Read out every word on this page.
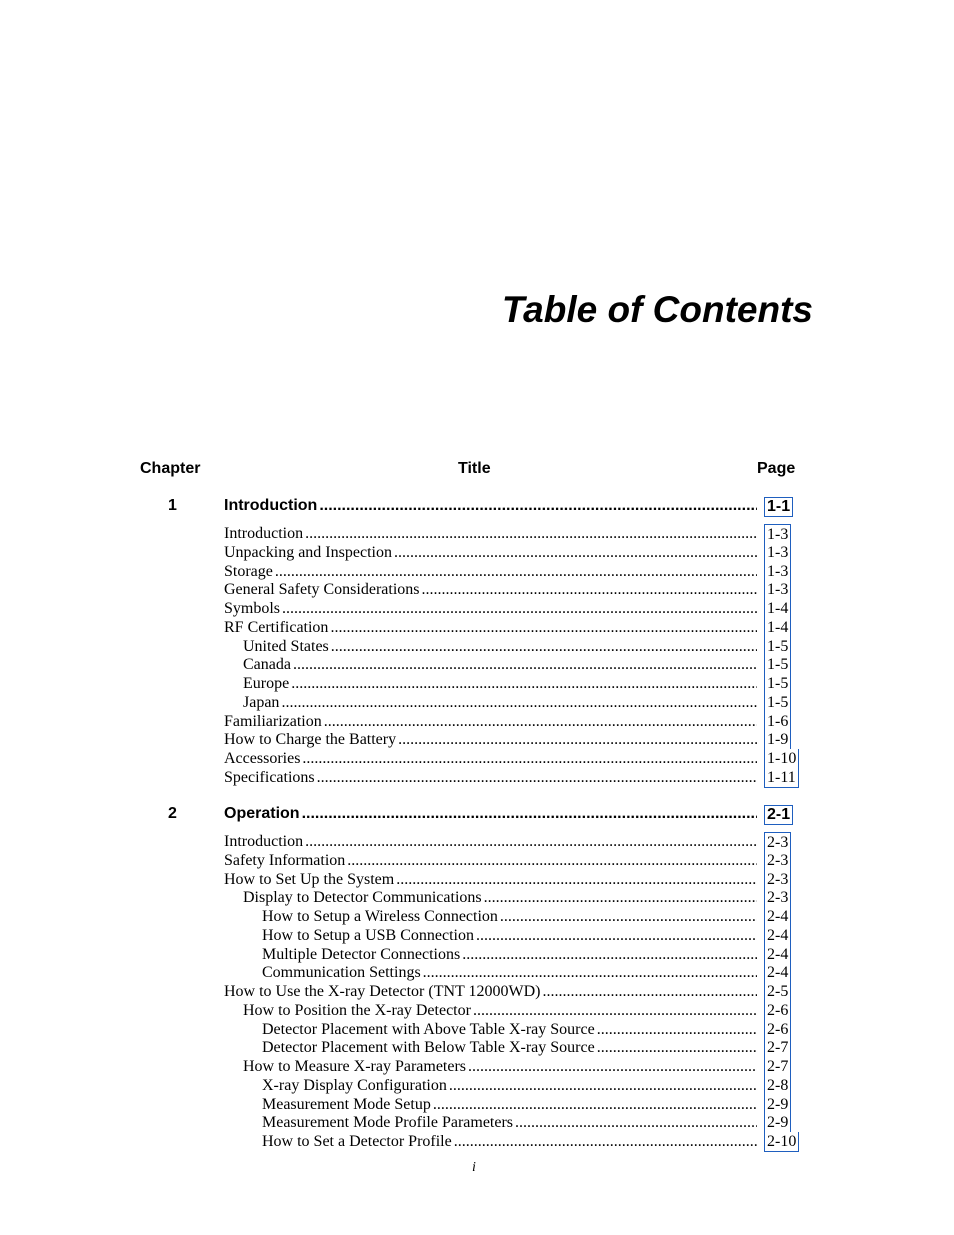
Table of Contents
Chapter	Title	Page
1	Introduction .....	1-1
Introduction .....	1-3
Unpacking and Inspection .....	1-3
Storage .....	1-3
General Safety Considerations .....	1-3
Symbols .....	1-4
RF Certification .....	1-4
United States .....	1-5
Canada .....	1-5
Europe .....	1-5
Japan .....	1-5
Familiarization .....	1-6
How to Charge the Battery .....	1-9
Accessories .....	1-10
Specifications .....	1-11
2	Operation .....	2-1
Introduction .....	2-3
Safety Information .....	2-3
How to Set Up the System .....	2-3
Display to Detector Communications .....	2-3
How to Setup a Wireless Connection .....	2-4
How to Setup a USB Connection .....	2-4
Multiple Detector Connections .....	2-4
Communication Settings .....	2-4
How to Use the X-ray Detector (TNT 12000WD) .....	2-5
How to Position the X-ray Detector .....	2-6
Detector Placement with Above Table X-ray Source .....	2-6
Detector Placement with Below Table X-ray Source .....	2-7
How to Measure X-ray Parameters .....	2-7
X-ray Display Configuration .....	2-8
Measurement Mode Setup .....	2-9
Measurement Mode Profile Parameters .....	2-9
How to Set a Detector Profile .....	2-10
i
